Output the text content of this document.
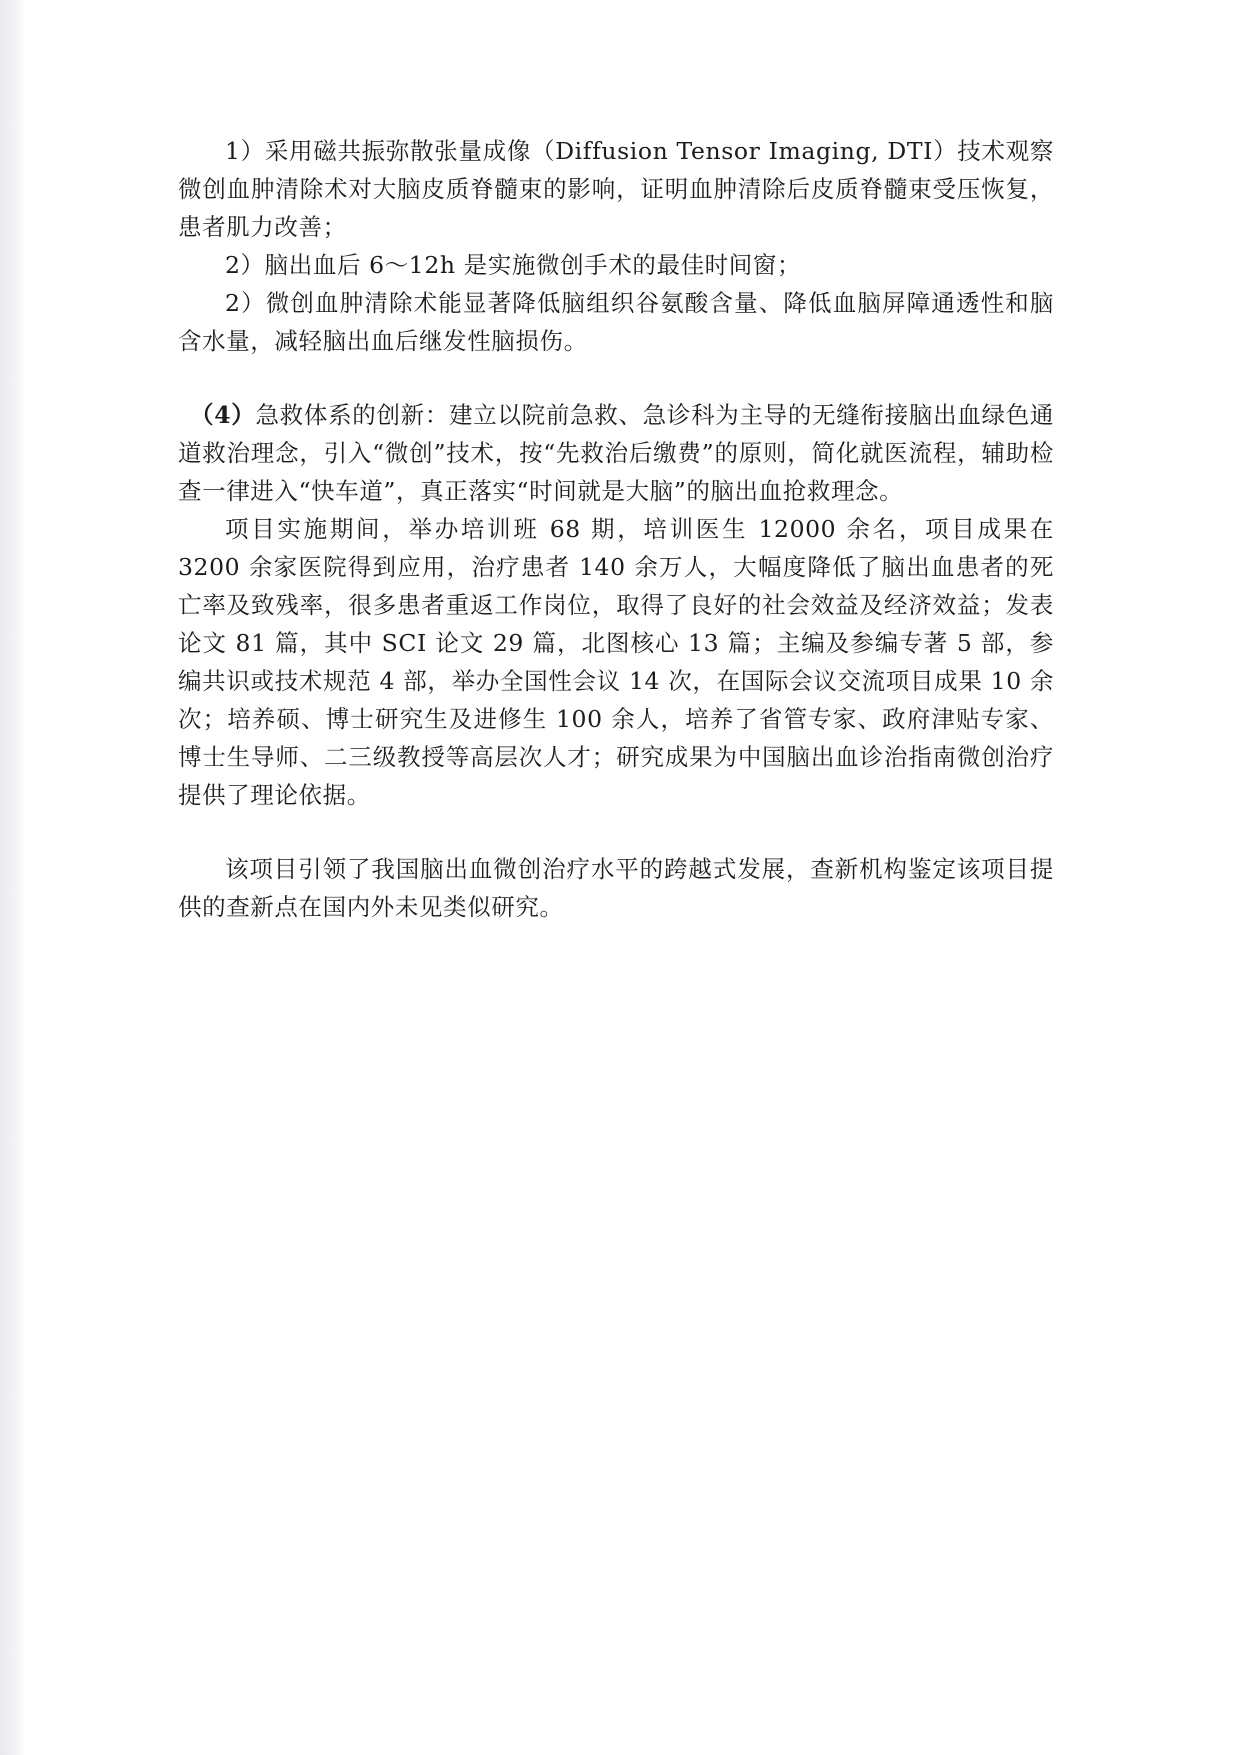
1）采用磁共振弥散张量成像（Diffusion Tensor Imaging, DTI）技术观察微创血肿清除术对大脑皮质脊髓束的影响，证明血肿清除后皮质脊髓束受压恢复，患者肌力改善；

2）脑出血后 6～12h 是实施微创手术的最佳时间窗；

2）微创血肿清除术能显著降低脑组织谷氨酸含量、降低血脑屏障通透性和脑含水量，减轻脑出血后继发性脑损伤。

（4）急救体系的创新：建立以院前急救、急诊科为主导的无缝衔接脑出血绿色通道救治理念，引入“微创”技术，按“先救治后缴费”的原则，简化就医流程，辅助检查一律进入“快车道”，真正落实“时间就是大脑”的脑出血抢救理念。

项目实施期间，举办培训班 68 期，培训医生 12000 余名，项目成果在 3200 余家医院得到应用，治疗患者 140 余万人，大幅度降低了脑出血患者的死亡率及致残率，很多患者重返工作岗位，取得了良好的社会效益及经济效益；发表论文 81 篇，其中 SCI 论文 29 篇，北图核心 13 篇；主编及参编专著 5 部，参编共识或技术规范 4 部，举办全国性会议 14 次，在国际会议交流项目成果 10 余次；培养硕、博士研究生及进修生 100 余人，培养了省管专家、政府津贴专家、博士生导师、二三级教授等高层次人才；研究成果为中国脑出血诊治指南微创治疗提供了理论依据。

该项目引领了我国脑出血微创治疗水平的跨越式发展，查新机构鉴定该项目提供的查新点在国内外未见类似研究。
